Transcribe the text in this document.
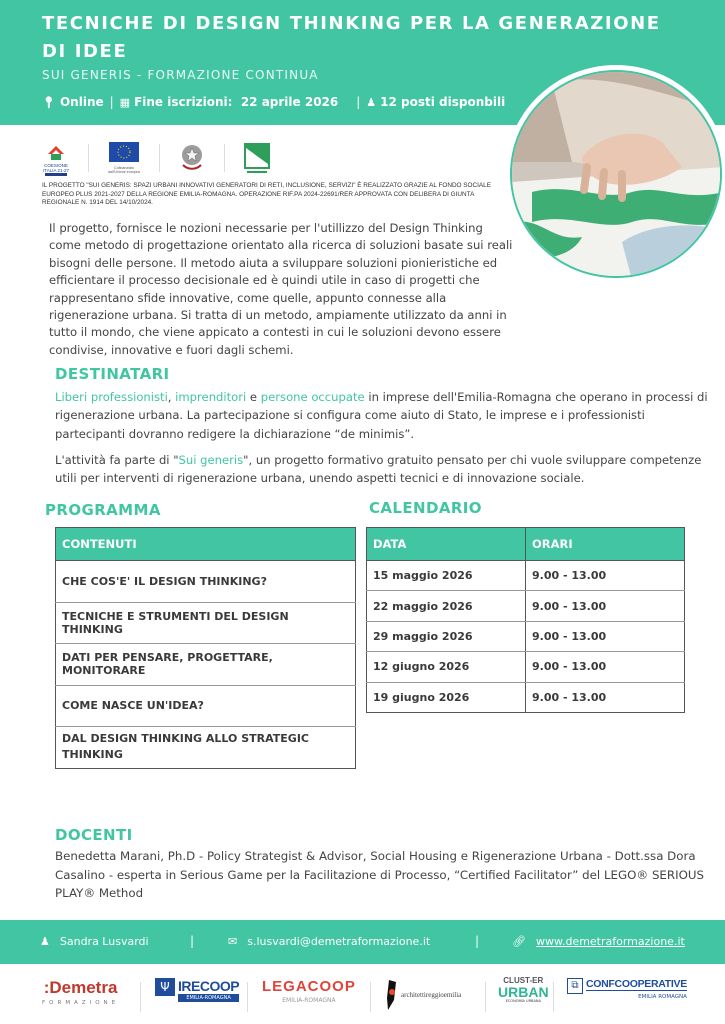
TECNICHE DI DESIGN THINKING PER LA GENERAZIONE DI IDEE
SUI GENERIS - FORMAZIONE CONTINUA
📍︎ Online | ▦ Fine iscrizioni:
22 aprile 2026 | ♟ 12 posti disponbili
COESIONE
ITALIA 21-27	Cofinanziato
dall'Unione europea
IL PROGETTO "SUI GENERIS: SPAZI URBANI INNOVATIVI GENERATORI DI RETI, INCLUSIONE, SERVIZI" È REALIZZATO GRAZIE AL FONDO SOCIALE EUROPEO PLUS 2021-2027 DELLA REGIONE EMILIA-ROMAGNA. OPERAZIONE RIF.PA 2024-22691/RER APPROVATA CON DELIBERA DI GIUNTA REGIONALE N. 1914 DEL 14/10/2024.

Il progetto, fornisce le nozioni necessarie per l'utillizzo del Design Thinking come metodo di progettazione orientato alla ricerca di soluzioni basate sui reali bisogni delle persone. Il metodo aiuta a sviluppare soluzioni pionieristiche ed efficientare il processo decisionale ed è quindi utile in caso di progetti che rappresentano sfide innovative, come quelle, appunto connesse alla rigenerazione urbana. Si tratta di un metodo, ampiamente utilizzato da anni in tutto il mondo, che viene appicato a contesti in cui le soluzioni devono essere condivise, innovative e fuori dagli schemi.

DESTINATARI

Liberi professionisti, imprenditori e persone occupate in imprese dell'Emilia-Romagna che operano in processi di rigenerazione urbana. La partecipazione si configura come aiuto di Stato, le imprese e i professionisti partecipanti dovranno redigere la dichiarazione “de minimis”.

L'attività fa parte di "Sui generis", un progetto formativo gratuito pensato per chi vuole sviluppare competenze utili per interventi di rigenerazione urbana, unendo aspetti tecnici e di innovazione sociale.

PROGRAMMA
CONTENUTI
CHE COS'E' IL DESIGN THINKING?
TECNICHE E STRUMENTI DEL DESIGN THINKING
DATI PER PENSARE, PROGETTARE, MONITORARE
COME NASCE UN'IDEA?
DAL DESIGN THINKING ALLO STRATEGIC THINKING
CALENDARIO
DATA	ORARI
15 maggio 2026	9.00 - 13.00
22 maggio 2026	9.00 - 13.00
29 maggio 2026	9.00 - 13.00
12 giugno 2026	9.00 - 13.00
19 giugno 2026	9.00 - 13.00
DOCENTI

Benedetta Marani, Ph.D - Policy Strategist & Advisor, Social Housing e Rigenerazione Urbana - Dott.ssa Dora Casalino - esperta in Serious Game per la Facilitazione di Processo, “Certified Facilitator” del LEGO® SERIOUS PLAY® Method

♟ Sandra Lusvardi	|	✉ s.lusvardi@demetraformazione.it	|	🔗︎ www.demetraformazione.it
:Demetra
FORMAZIONE
Ψ IRECOOP
EMILIA-ROMAGNA
LEGACOOP
EMILIA-ROMAGNA
architettireggioemilia
CLUST-ER
URBAN
ECONOMIA URBANA
⧉ CONFCOOPERATIVE
EMILIA ROMAGNA
